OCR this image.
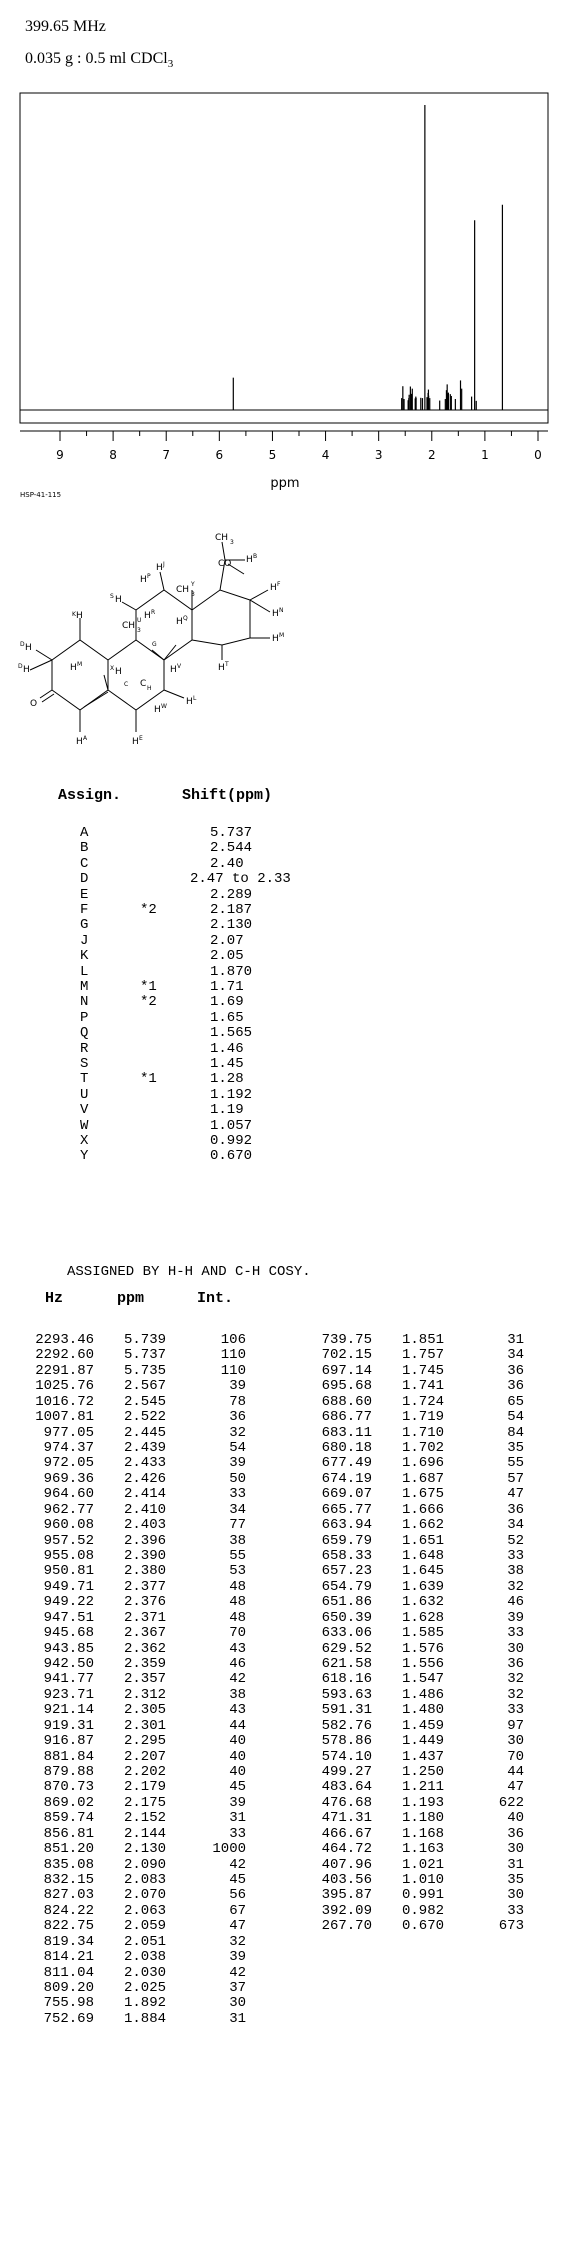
399.65 MHz
0.035 g : 0.5 ml CDCl$_3$
9	8	7	6	5	4	3	2	1	0
ppm
HSP-41-115
CH 3
CO H B
CH 3
Y	H F
H N
H M
H T
H J
H P
S H
H R
H Q
CH 3
U
K H
D H
D H	H M
X H
G
H V
C H
C
H L
H W
O
H A	H E
Assign.	Shift(ppm)
A	5.737
B	2.544
C	2.40
D	2.47 to 2.33
E	2.289
F	*2	2.187
G	2.130
J	2.07
K	2.05
L	1.870
M	*1	1.71
N	*2	1.69
P	1.65
Q	1.565
R	1.46
S	1.45
T	*1	1.28
U	1.192
V	1.19
W	1.057
X	0.992
Y	0.670
ASSIGNED BY H-H AND C-H COSY.
Hz	ppm	Int.
2293.46	5.739	106
2292.60	5.737	110
2291.87	5.735	110
1025.76	2.567	39
1016.72	2.545	78
1007.81	2.522	36
977.05	2.445	32
974.37	2.439	54
972.05	2.433	39
969.36	2.426	50
964.60	2.414	33
962.77	2.410	34
960.08	2.403	77
957.52	2.396	38
955.08	2.390	55
950.81	2.380	53
949.71	2.377	48
949.22	2.376	48
947.51	2.371	48
945.68	2.367	70
943.85	2.362	43
942.50	2.359	46
941.77	2.357	42
923.71	2.312	38
921.14	2.305	43
919.31	2.301	44
916.87	2.295	40
881.84	2.207	40
879.88	2.202	40
870.73	2.179	45
869.02	2.175	39
859.74	2.152	31
856.81	2.144	33
851.20	2.130	1000
835.08	2.090	42
832.15	2.083	45
827.03	2.070	56
824.22	2.063	67
822.75	2.059	47
819.34	2.051	32
814.21	2.038	39
811.04	2.030	42
809.20	2.025	37
755.98	1.892	30
752.69	1.884	31
739.75	1.851	31
702.15	1.757	34
697.14	1.745	36
695.68	1.741	36
688.60	1.724	65
686.77	1.719	54
683.11	1.710	84
680.18	1.702	35
677.49	1.696	55
674.19	1.687	57
669.07	1.675	47
665.77	1.666	36
663.94	1.662	34
659.79	1.651	52
658.33	1.648	33
657.23	1.645	38
654.79	1.639	32
651.86	1.632	46
650.39	1.628	39
633.06	1.585	33
629.52	1.576	30
621.58	1.556	36
618.16	1.547	32
593.63	1.486	32
591.31	1.480	33
582.76	1.459	97
578.86	1.449	30
574.10	1.437	70
499.27	1.250	44
483.64	1.211	47
476.68	1.193	622
471.31	1.180	40
466.67	1.168	36
464.72	1.163	30
407.96	1.021	31
403.56	1.010	35
395.87	0.991	30
392.09	0.982	33
267.70	0.670	673
